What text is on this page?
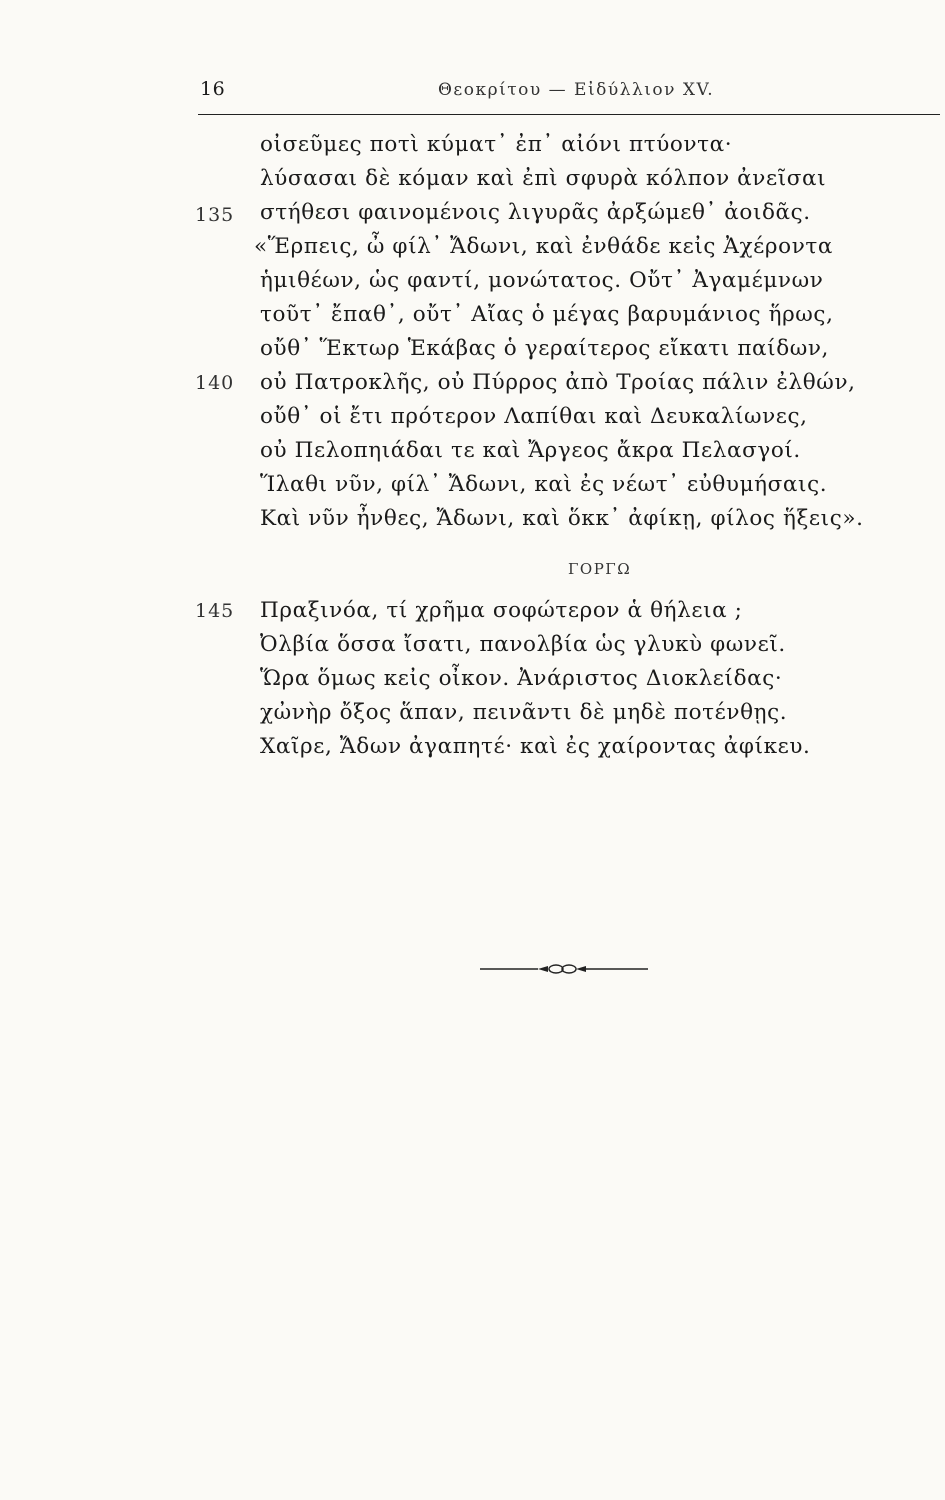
16	Θεοκρίτου — Εἰδύλλιον XV.
135
140
οἰσεῦμες ποτὶ κύματ᾽ ἐπ᾽ αἰόνι πτύοντα·
λύσασαι δὲ κόμαν καὶ ἐπὶ σφυρὰ κόλπον ἀνεῖσαι
στήθεσι φαινομένοις λιγυρᾶς ἀρξώμεθ᾽ ἀοιδᾶς.
«Ἕρπεις, ὦ φίλ᾽ Ἄδωνι, καὶ ἐνθάδε κεἰς Ἀχέροντα
ἡμιθέων, ὡς φαντί, μονώτατος. Οὔτ᾽ Ἀγαμέμνων
τοῦτ᾽ ἔπαθ᾽, οὔτ᾽ Αἴας ὁ μέγας βαρυμάνιος ἥρως,
οὔθ᾽ Ἕκτωρ Ἑκάβας ὁ γεραίτερος εἴκατι παίδων,
οὐ Πατροκλῆς, οὐ Πύρρος ἀπὸ Τροίας πάλιν ἐλθών,
οὔθ᾽ οἱ ἔτι πρότερον Λαπίθαι καὶ Δευκαλίωνες,
οὐ Πελοπηιάδαι τε καὶ Ἄργεος ἄκρα Πελασγοί.
Ἵλαθι νῦν, φίλ᾽ Ἄδωνι, καὶ ἐς νέωτ᾽ εὐθυμήσαις.
Καὶ νῦν ἦνθες, Ἄδωνι, καὶ ὅκκ᾽ ἀφίκῃ, φίλος ἥξεις».
ΓΟΡΓΩ
145 Πραξινόα, τί χρῆμα σοφώτερον ἁ θήλεια ;
Ὀλβία ὅσσα ἴσατι, πανολβία ὡς γλυκὺ φωνεῖ.
Ὥρα ὅμως κεἰς οἶκον. Ἀνάριστος Διοκλείδας·
χὠνὴρ ὄξος ἅπαν, πεινᾶντι δὲ μηδὲ ποτένθῃς.
Χαῖρε, Ἄδων ἀγαπητέ· καὶ ἐς χαίροντας ἀφίκευ.
